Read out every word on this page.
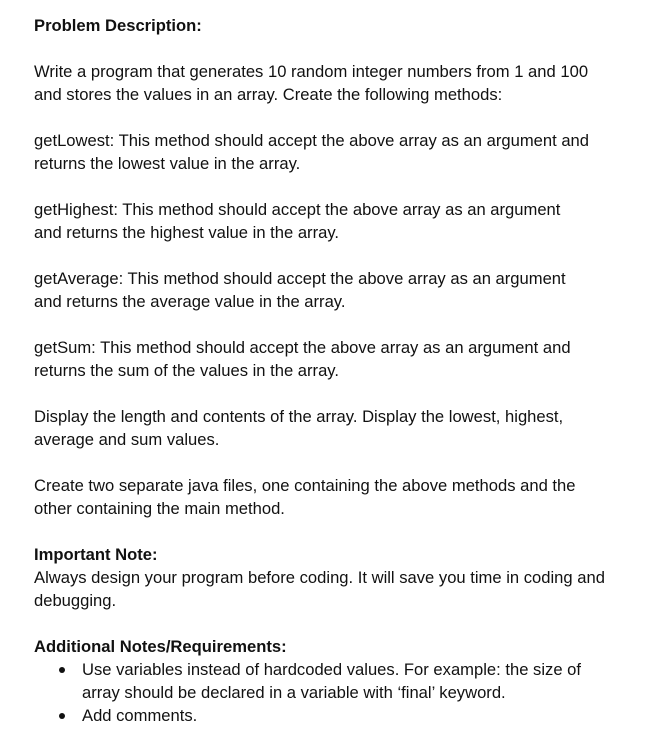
Problem Description:

Write a program that generates 10 random integer numbers from 1 and 100 and stores the values in an array. Create the following methods:

getLowest: This method should accept the above array as an argument and returns the lowest value in the array.

getHighest: This method should accept the above array as an argument and returns the highest value in the array.

getAverage: This method should accept the above array as an argument and returns the average value in the array.

getSum: This method should accept the above array as an argument and returns the sum of the values in the array.

Display the length and contents of the array. Display the lowest, highest, average and sum values.

Create two separate java files, one containing the above methods and the other containing the main method.

Important Note:

Always design your program before coding. It will save you time in coding and debugging.

Additional Notes/Requirements:

Use variables instead of hardcoded values. For example: the size of array should be declared in a variable with ‘final’ keyword.
Add comments.
